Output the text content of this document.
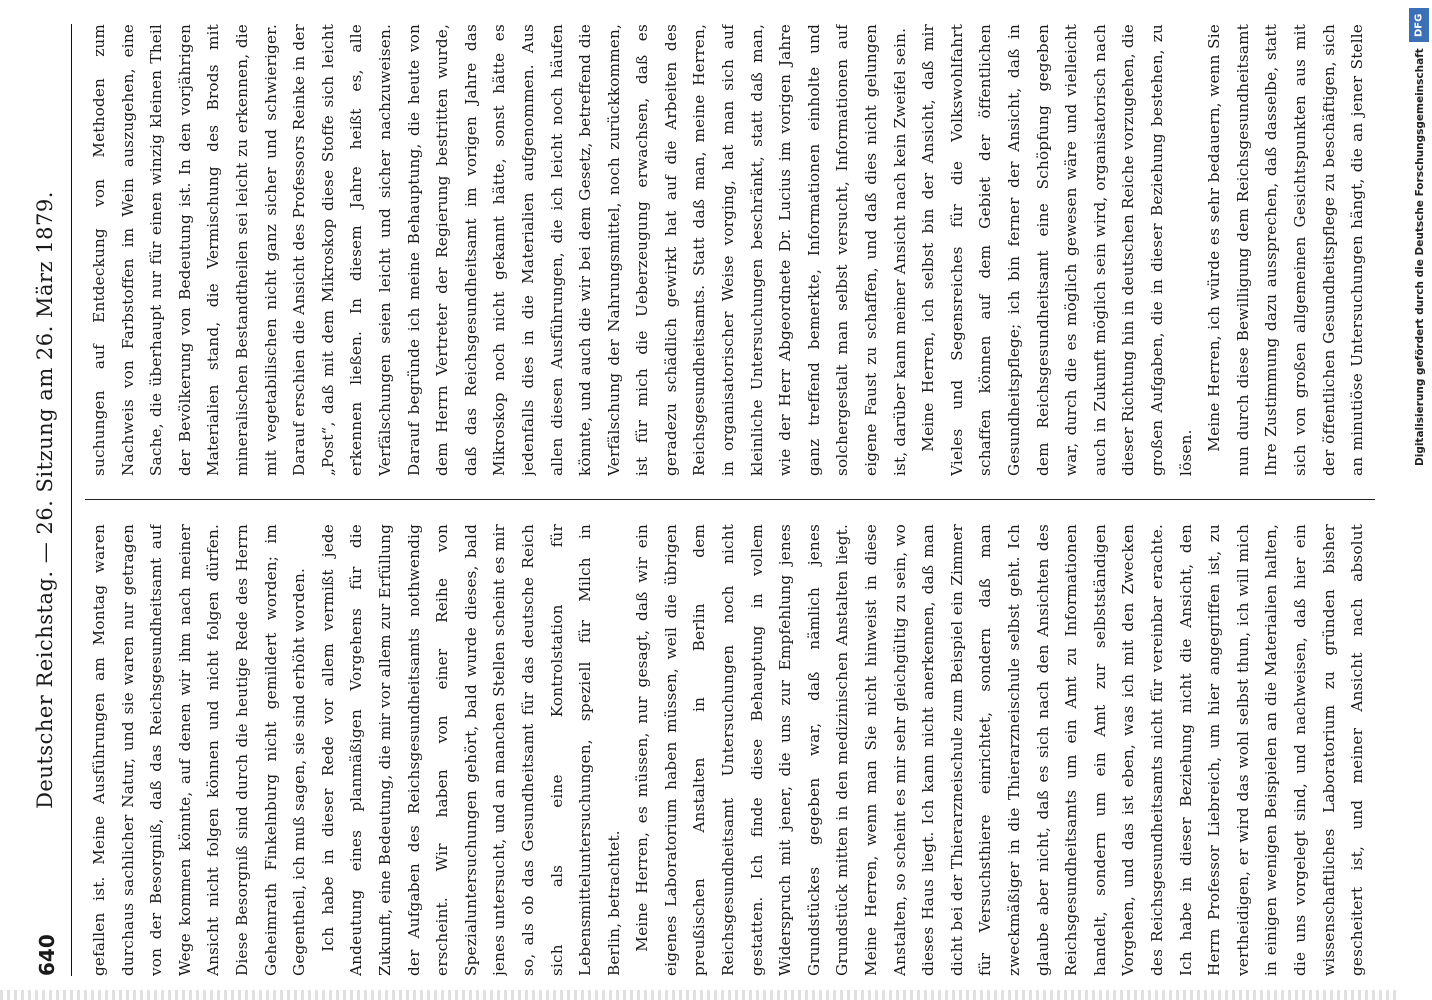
640
Deutscher Reichstag. — 26. Sitzung am 26. März 1879.	gefallen ist. Meine Ausführungen am Montag waren durchaus sachlicher Natur, und sie waren nur getragen von der Besorgniß, daß das Reichsgesundheitsamt auf Wege kommen könnte, auf denen wir ihm nach meiner Ansicht nicht folgen können und nicht folgen dürfen. Diese Besorgniß sind durch die heutige Rede des Herrn Geheimrath Finkelnburg nicht gemildert worden; im Gegentheil, ich muß sagen, sie sind erhöht worden. Ich habe in dieser Rede vor allem vermißt jede Andeutung eines planmäßigen Vorgehens für die Zukunft, eine Bedeutung, die mir vor allem zur Erfüllung der Aufgaben des Reichsgesundheitsamts nothwendig erscheint. Wir haben von einer Reihe von Spezialuntersuchungen gehört, bald wurde dieses, bald jenes untersucht, und an manchen Stellen scheint es mir so, als ob das Gesundheitsamt für das deutsche Reich sich als eine Kontrolstation für Lebensmitteluntersuchungen, speziell für Milch in Berlin, betrachtet. Meine Herren, es müssen, nur gesagt, daß wir ein eigenes Laboratorium haben müssen, weil die übrigen preußischen Anstalten in Berlin dem Reichsgesundheitsamt Untersuchungen noch nicht gestatten. Ich finde diese Behauptung in vollem Widerspruch mit jener, die uns zur Empfehlung jenes Grundstückes gegeben war, daß nämlich jenes Grundstück mitten in den medizinischen Anstalten liegt. Meine Herren, wenn man Sie nicht hinweist in diese Anstalten, so scheint es mir sehr gleichgültig zu sein, wo dieses Haus liegt. Ich kann nicht anerkennen, daß man dicht bei der Thierarzneischule zum Beispiel ein Zimmer für Versuchsthiere einrichtet, sondern daß man zweckmäßiger in die Thierarzneischule selbst geht. Ich glaube aber nicht, daß es sich nach den Ansichten des Reichsgesundheitsamts um ein Amt zu Informationen handelt, sondern um ein Amt zur selbstständigen Vorgehen, und das ist eben, was ich mit den Zwecken des Reichsgesundheitsamts nicht für vereinbar erachte. Ich habe in dieser Beziehung nicht die Ansicht, den Herrn Professor Liebreich, um hier angegriffen ist, zu vertheidigen, er wird das wohl selbst thun, ich will mich in einigen wenigen Beispielen an die Materialien halten, die uns vorgelegt sind, und nachweisen, daß hier ein wissenschaftliches Laboratorium zu gründen bisher gescheitert ist, und meiner Ansicht nach absolut

suchungen auf Entdeckung von Methoden zum Nachweis von Farbstoffen im Wein auszugehen, eine Sache, die überhaupt nur für einen winzig kleinen Theil der Bevölkerung von Bedeutung ist. In den vorjährigen Materialien stand, die Vermischung des Brods mit mineralischen Bestandtheilen sei leicht zu erkennen, die mit vegetabilischen nicht ganz sicher und schwieriger. Darauf erschien die Ansicht des Professors Reinke in der „Post“, daß mit dem Mikroskop diese Stoffe sich leicht erkennen ließen. In diesem Jahre heißt es, alle Verfälschungen seien leicht und sicher nachzuweisen. Darauf begründe ich meine Behauptung, die heute von dem Herrn Vertreter der Regierung bestritten wurde, daß das Reichsgesundheitsamt im vorigen Jahre das Mikroskop noch nicht gekannt hätte, sonst hätte es jedenfalls dies in die Materialien aufgenommen. Aus allen diesen Ausführungen, die ich leicht noch häufen könnte, und auch die wir bei dem Gesetz, betreffend die Verfälschung der Nahrungsmittel, noch zurückkommen, ist für mich die Ueberzeugung erwachsen, daß es geradezu schädlich gewirkt hat auf die Arbeiten des Reichsgesundheitsamts. Statt daß man, meine Herren, in organisatorischer Weise vorging, hat man sich auf kleinliche Untersuchungen beschränkt, statt daß man, wie der Herr Abgeordnete Dr. Lucius im vorigen Jahre ganz treffend bemerkte, Informationen einholte und solchergestalt man selbst versucht, Informationen auf eigene Faust zu schaffen, und daß dies nicht gelungen ist, darüber kann meiner Ansicht nach kein Zweifel sein. Meine Herren, ich selbst bin der Ansicht, daß mir Vieles und Segensreiches für die Volkswohlfahrt schaffen können auf dem Gebiet der öffentlichen Gesundheitspflege; ich bin ferner der Ansicht, daß in dem Reichsgesundheitsamt eine Schöpfung gegeben war, durch die es möglich gewesen wäre und vielleicht auch in Zukunft möglich sein wird, organisatorisch nach dieser Richtung hin in deutschen Reiche vorzugehen, die großen Aufgaben, die in dieser Beziehung bestehen, zu lösen.

Meine Herren, ich würde es sehr bedauern, wenn Sie nun durch diese Bewilligung dem Reichsgesundheitsamt Ihre Zustimmung dazu aussprechen, daß dasselbe, statt sich von großen allgemeinen Gesichtspunkten aus mit der öffentlichen Gesundheitspflege zu beschäftigen, sich an minutiöse Untersuchungen hängt, die an jener Stelle	DFG
Digitalisierung gefördert durch die Deutsche Forschungsgemeinschaft
